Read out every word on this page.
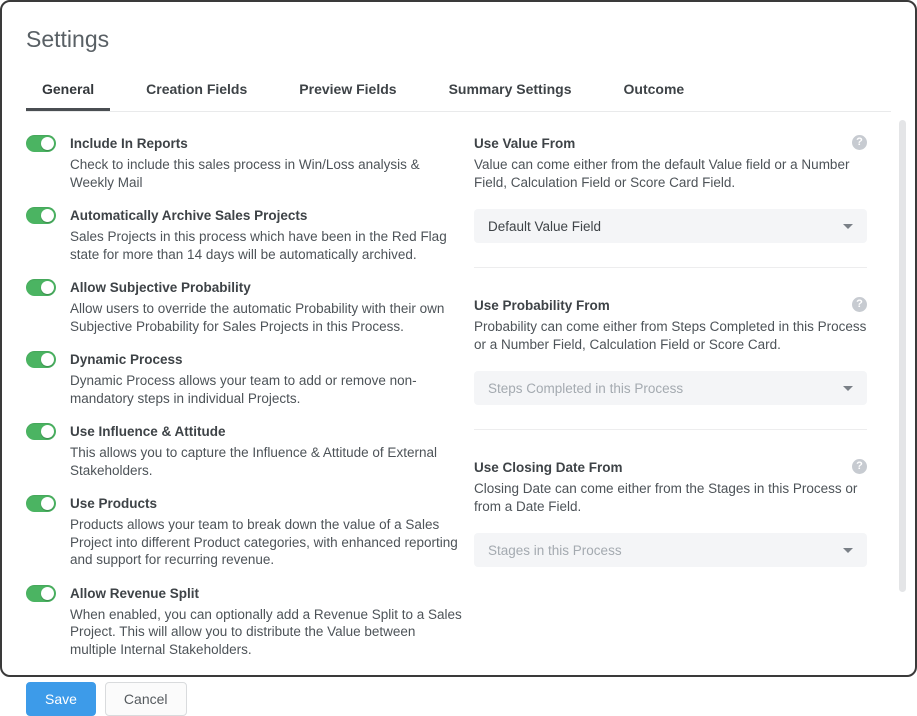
Settings
General	Creation Fields	Preview Fields	Summary Settings	Outcome
Include In Reports
Check to include this sales process in Win/Loss analysis & Weekly Mail
Automatically Archive Sales Projects
Sales Projects in this process which have been in the Red Flag state for more than 14 days will be automatically archived.
Allow Subjective Probability
Allow users to override the automatic Probability with their own Subjective Probability for Sales Projects in this Process.
Dynamic Process
Dynamic Process allows your team to add or remove non-mandatory steps in individual Projects.
Use Influence & Attitude
This allows you to capture the Influence & Attitude of External Stakeholders.
Use Products
Products allows your team to break down the value of a Sales Project into different Product categories, with enhanced reporting and support for recurring revenue.
Allow Revenue Split
When enabled, you can optionally add a Revenue Split to a Sales Project. This will allow you to distribute the Value between multiple Internal Stakeholders.
Save	Cancel
Use Value From	?
Value can come either from the default Value field or a Number Field, Calculation Field or Score Card Field.
Default Value Field
Use Probability From	?
Probability can come either from Steps Completed in this Process or a Number Field, Calculation Field or Score Card.
Steps Completed in this Process
Use Closing Date From	?
Closing Date can come either from the Stages in this Process or from a Date Field.
Stages in this Process
